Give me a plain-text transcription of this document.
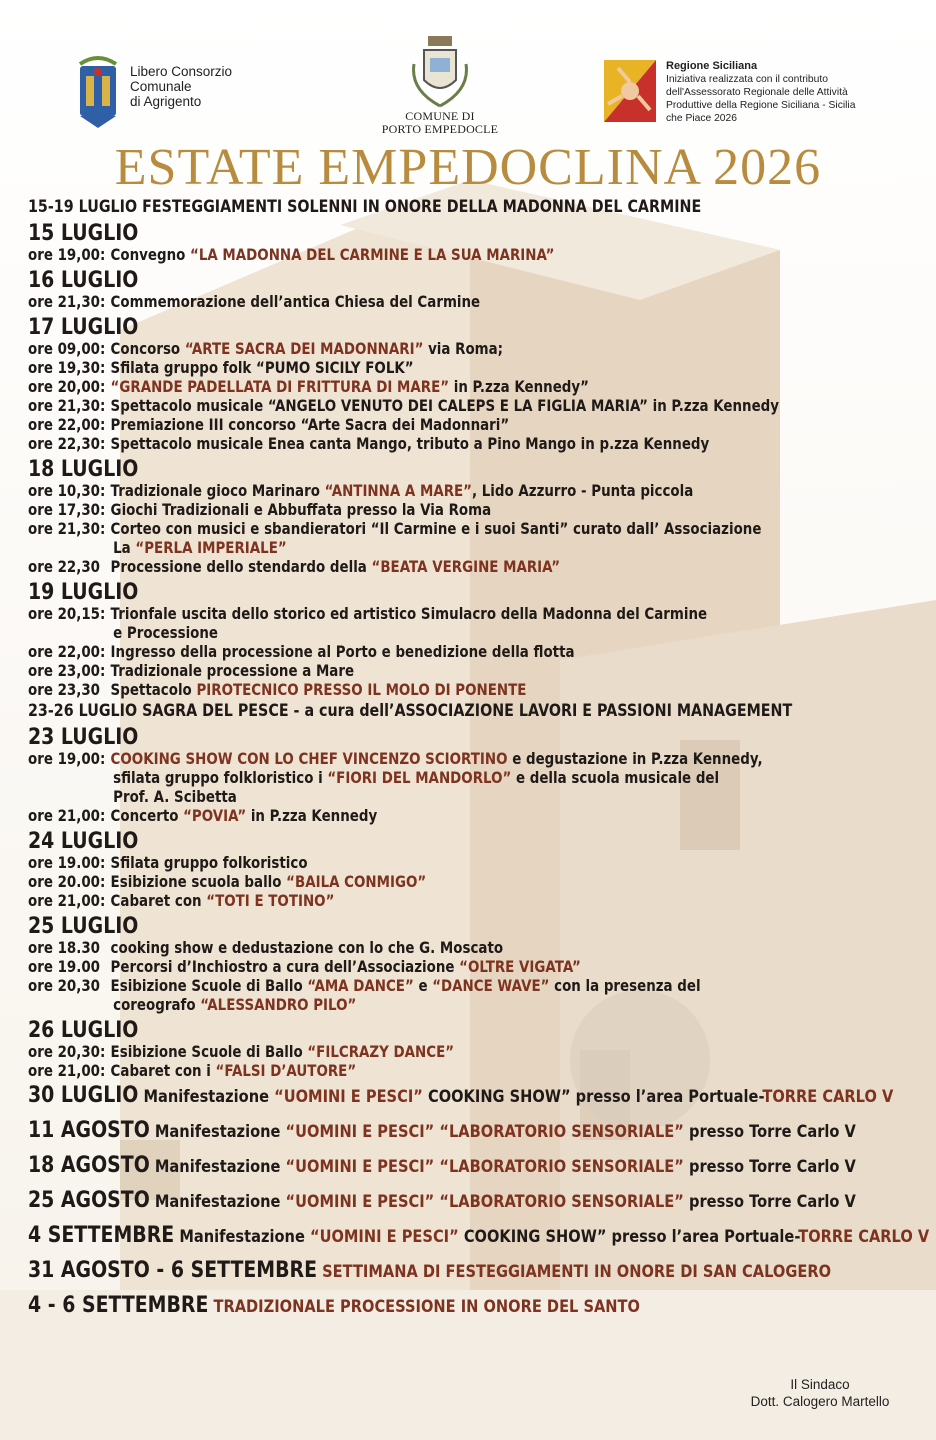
Libero Consorzio
Comunale
di Agrigento
COMUNE DI
PORTO EMPEDOCLE
Regione Siciliana
Iniziativa realizzata con il contributo
dell'Assessorato Regionale delle Attività
Produttive della Regione Siciliana - Sicilia
che Piace 2026
ESTATE EMPEDOCLINA 2026
15-19 LUGLIO FESTEGGIAMENTI SOLENNI IN ONORE DELLA MADONNA DEL CARMINE
15 LUGLIO
ore 19,00: Convegno “LA MADONNA DEL CARMINE E LA SUA MARINA”
16 LUGLIO
ore 21,30: Commemorazione dell’antica Chiesa del Carmine
17 LUGLIO
ore 09,00: Concorso “ARTE SACRA DEI MADONNARI” via Roma;
ore 19,30: Sfilata gruppo folk “PUMO SICILY FOLK”
ore 20,00: “GRANDE PADELLATA DI FRITTURA DI MARE” in P.zza Kennedy”
ore 21,30: Spettacolo musicale “ANGELO VENUTO DEI CALEPS E LA FIGLIA MARIA” in P.zza Kennedy
ore 22,00: Premiazione III concorso “Arte Sacra dei Madonnari”
ore 22,30: Spettacolo musicale Enea canta Mango, tributo a Pino Mango in p.zza Kennedy
18 LUGLIO
ore 10,30: Tradizionale gioco Marinaro “ANTINNA A MARE”, Lido Azzurro - Punta piccola
ore 17,30: Giochi Tradizionali e Abbuffata presso la Via Roma
ore 21,30: Corteo con musici e sbandieratori “Il Carmine e i suoi Santi” curato dall’ Associazione
La “PERLA IMPERIALE”
ore 22,30 Processione dello stendardo della “BEATA VERGINE MARIA”
19 LUGLIO
ore 20,15: Trionfale uscita dello storico ed artistico Simulacro della Madonna del Carmine
e Processione
ore 22,00: Ingresso della processione al Porto e benedizione della flotta
ore 23,00: Tradizionale processione a Mare
ore 23,30 Spettacolo PIROTECNICO PRESSO IL MOLO DI PONENTE
23-26 LUGLIO SAGRA DEL PESCE - a cura dell’ASSOCIAZIONE LAVORI E PASSIONI MANAGEMENT
23 LUGLIO
ore 19,00: COOKING SHOW CON LO CHEF VINCENZO SCIORTINO e degustazione in P.zza Kennedy,
sfilata gruppo folkloristico i “FIORI DEL MANDORLO” e della scuola musicale del
Prof. A. Scibetta
ore 21,00: Concerto “POVIA” in P.zza Kennedy
24 LUGLIO
ore 19.00: Sfilata gruppo folkoristico
ore 20.00: Esibizione scuola ballo “BAILA CONMIGO”
ore 21,00: Cabaret con “TOTI E TOTINO”
25 LUGLIO
ore 18.30 cooking show e dedustazione con lo che G. Moscato
ore 19.00 Percorsi d’Inchiostro a cura dell’Associazione “OLTRE VIGATA”
ore 20,30 Esibizione Scuole di Ballo “AMA DANCE” e “DANCE WAVE” con la presenza del
coreografo “ALESSANDRO PILO”
26 LUGLIO
ore 20,30: Esibizione Scuole di Ballo “FILCRAZY DANCE”
ore 21,00: Cabaret con i “FALSI D’AUTORE”
30 LUGLIO Manifestazione “UOMINI E PESCI” COOKING SHOW” presso l’area Portuale-TORRE CARLO V
11 AGOSTO Manifestazione “UOMINI E PESCI” “LABORATORIO SENSORIALE” presso Torre Carlo V
18 AGOSTO Manifestazione “UOMINI E PESCI” “LABORATORIO SENSORIALE” presso Torre Carlo V
25 AGOSTO Manifestazione “UOMINI E PESCI” “LABORATORIO SENSORIALE” presso Torre Carlo V
4 SETTEMBRE Manifestazione “UOMINI E PESCI” COOKING SHOW” presso l’area Portuale-TORRE CARLO V
31 AGOSTO - 6 SETTEMBRE SETTIMANA DI FESTEGGIAMENTI IN ONORE DI SAN CALOGERO
4 - 6 SETTEMBRE TRADIZIONALE PROCESSIONE IN ONORE DEL SANTO
Il Sindaco
Dott. Calogero Martello
